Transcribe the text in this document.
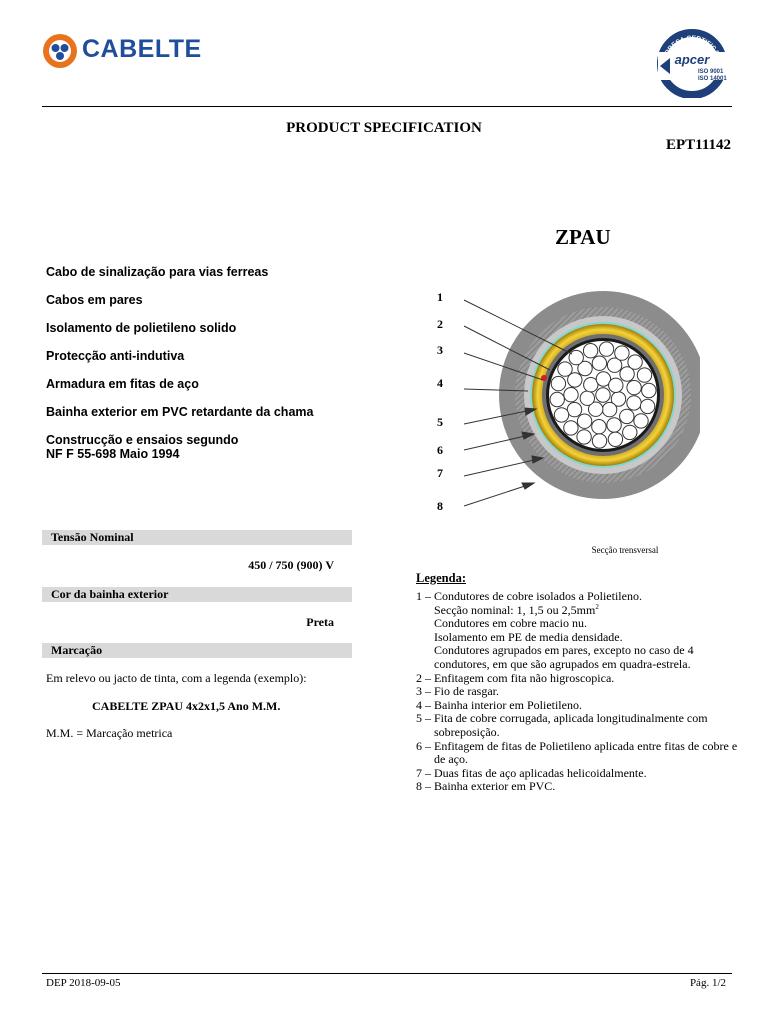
CABELTE	RESA CERTIFIC
apcer
ISO 9001
ISO 14001
PRODUCT SPECIFICATION
EPT11142
ZPAU
Cabo de sinalização para vias ferreas
Cabos em pares
Isolamento de polietileno solido
Protecção anti-indutiva
Armadura em fitas de aço
Bainha exterior em PVC retardante da chama
Construcção e ensaios segundo
NF F 55-698 Maio 1994
Tensão Nominal
450 / 750 (900) V
Cor da bainha exterior
Preta
Marcação
Em relevo ou jacto de tinta, com a legenda (exemplo):
CABELTE ZPAU 4x2x1,5 Ano M.M.
M.M. = Marcação metrica
1
2
3
4
5
6
7
8
Secção trensversal
Legenda:
1 – Condutores de cobre isolados a Polietileno.
Secção nominal: 1, 1,5 ou $2,5mm^2$
Condutores em cobre macio nu.
Isolamento em PE de media densidade.
Condutores agrupados em pares, excepto no caso de 4 condutores, em que são agrupados em quadra-estrela.
2 – Enfitagem com fita não higroscopica.
3 – Fio de rasgar.
4 – Bainha interior em Polietileno.
5 – Fita de cobre corrugada, aplicada longitudinalmente com sobreposição.
6 – Enfitagem de fitas de Polietileno aplicada entre fitas de cobre e de aço.
7 – Duas fitas de aço aplicadas helicoidalmente.
8 – Bainha exterior em PVC.
DEP 2018-09-05	Pág. 1/2
